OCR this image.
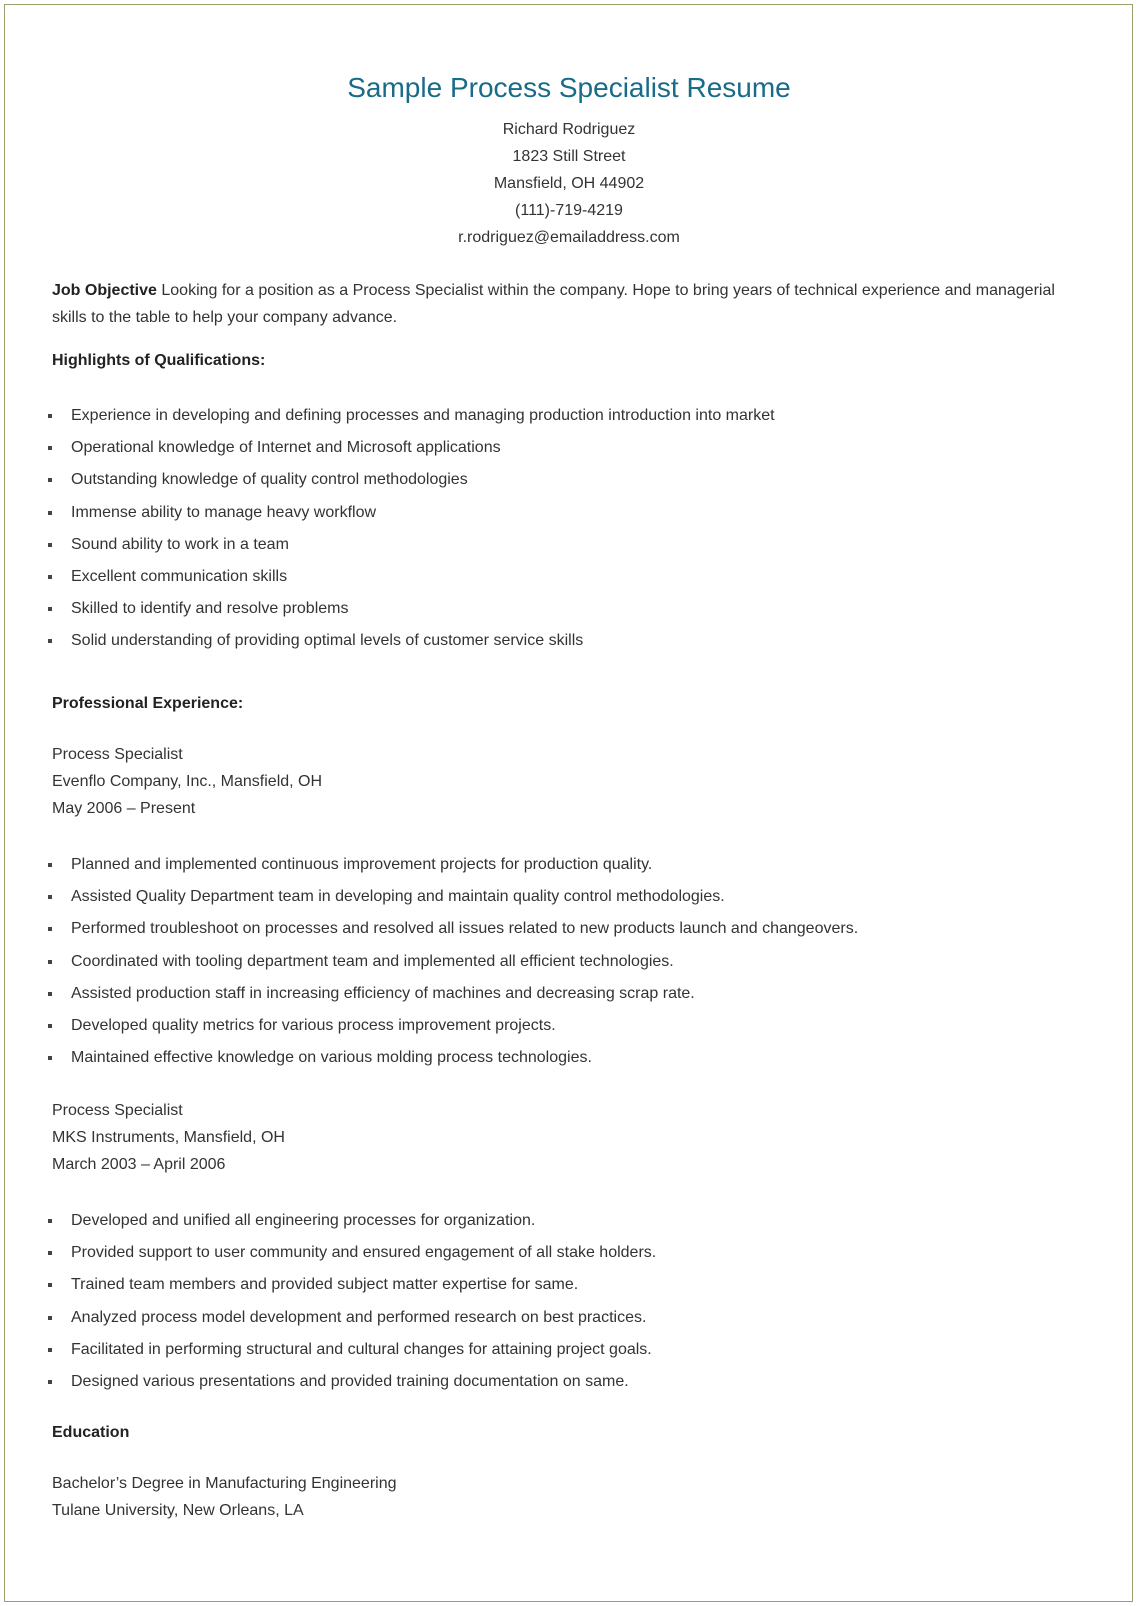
Sample Process Specialist Resume
Richard Rodriguez
1823 Still Street
Mansfield, OH 44902
(111)-719-4219
r.rodriguez@emailaddress.com

Job Objective Looking for a position as a Process Specialist within the company. Hope to bring years of technical experience and managerial skills to the table to help your company advance.

Highlights of Qualifications:
Experience in developing and defining processes and managing production introduction into market
Operational knowledge of Internet and Microsoft applications
Outstanding knowledge of quality control methodologies
Immense ability to manage heavy workflow
Sound ability to work in a team
Excellent communication skills
Skilled to identify and resolve problems
Solid understanding of providing optimal levels of customer service skills
Professional Experience:
Process Specialist
Evenflo Company, Inc., Mansfield, OH
May 2006 – Present
Planned and implemented continuous improvement projects for production quality.
Assisted Quality Department team in developing and maintain quality control methodologies.
Performed troubleshoot on processes and resolved all issues related to new products launch and changeovers.
Coordinated with tooling department team and implemented all efficient technologies.
Assisted production staff in increasing efficiency of machines and decreasing scrap rate.
Developed quality metrics for various process improvement projects.
Maintained effective knowledge on various molding process technologies.
Process Specialist
MKS Instruments, Mansfield, OH
March 2003 – April 2006
Developed and unified all engineering processes for organization.
Provided support to user community and ensured engagement of all stake holders.
Trained team members and provided subject matter expertise for same.
Analyzed process model development and performed research on best practices.
Facilitated in performing structural and cultural changes for attaining project goals.
Designed various presentations and provided training documentation on same.
Education
Bachelor’s Degree in Manufacturing Engineering
Tulane University, New Orleans, LA
